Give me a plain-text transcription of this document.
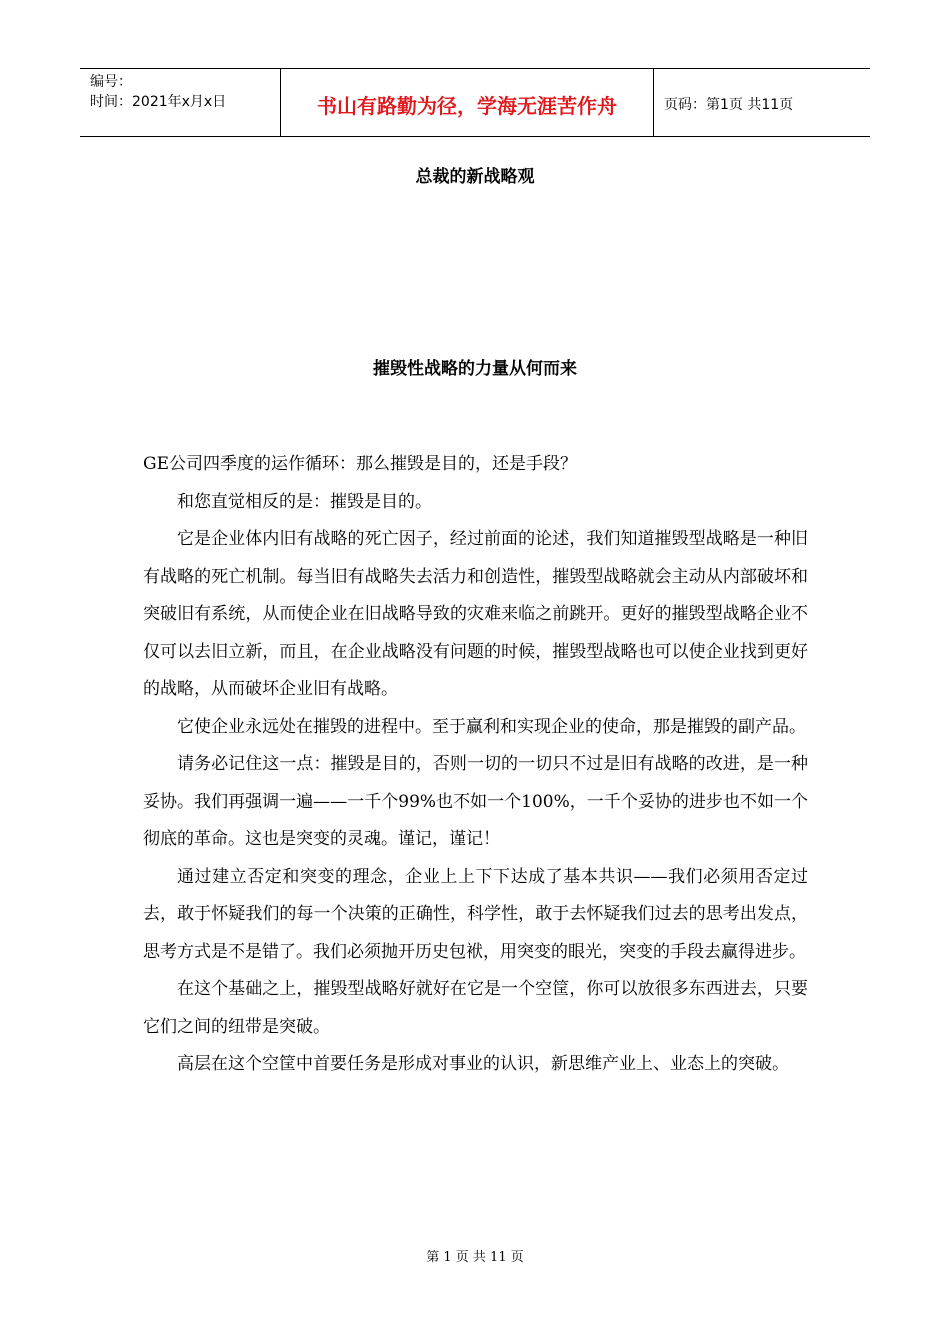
编号：
时间：2021年x月x日	书山有路勤为径，学海无涯苦作舟	页码：第1页 共11页
总裁的新战略观
摧毁性战略的力量从何而来

GE公司四季度的运作循环：那么摧毁是目的，还是手段？

和您直觉相反的是：摧毁是目的。

它是企业体内旧有战略的死亡因子，经过前面的论述，我们知道摧毁型战略是一种旧有战略的死亡机制。每当旧有战略失去活力和创造性，摧毁型战略就会主动从内部破坏和突破旧有系统，从而使企业在旧战略导致的灾难来临之前跳开。更好的摧毁型战略企业不仅可以去旧立新，而且，在企业战略没有问题的时候，摧毁型战略也可以使企业找到更好的战略，从而破坏企业旧有战略。

它使企业永远处在摧毁的进程中。至于赢利和实现企业的使命，那是摧毁的副产品。

请务必记住这一点：摧毁是目的，否则一切的一切只不过是旧有战略的改进，是一种妥协。我们再强调一遍——一千个99%也不如一个100%，一千个妥协的进步也不如一个彻底的革命。这也是突变的灵魂。谨记，谨记！

通过建立否定和突变的理念，企业上上下下达成了基本共识——我们必须用否定过去，敢于怀疑我们的每一个决策的正确性，科学性，敢于去怀疑我们过去的思考出发点，思考方式是不是错了。我们必须抛开历史包袱，用突变的眼光，突变的手段去赢得进步。

在这个基础之上，摧毁型战略好就好在它是一个空筐，你可以放很多东西进去，只要它们之间的纽带是突破。

高层在这个空筐中首要任务是形成对事业的认识，新思维产业上、业态上的突破。

第 1 页 共 11 页
